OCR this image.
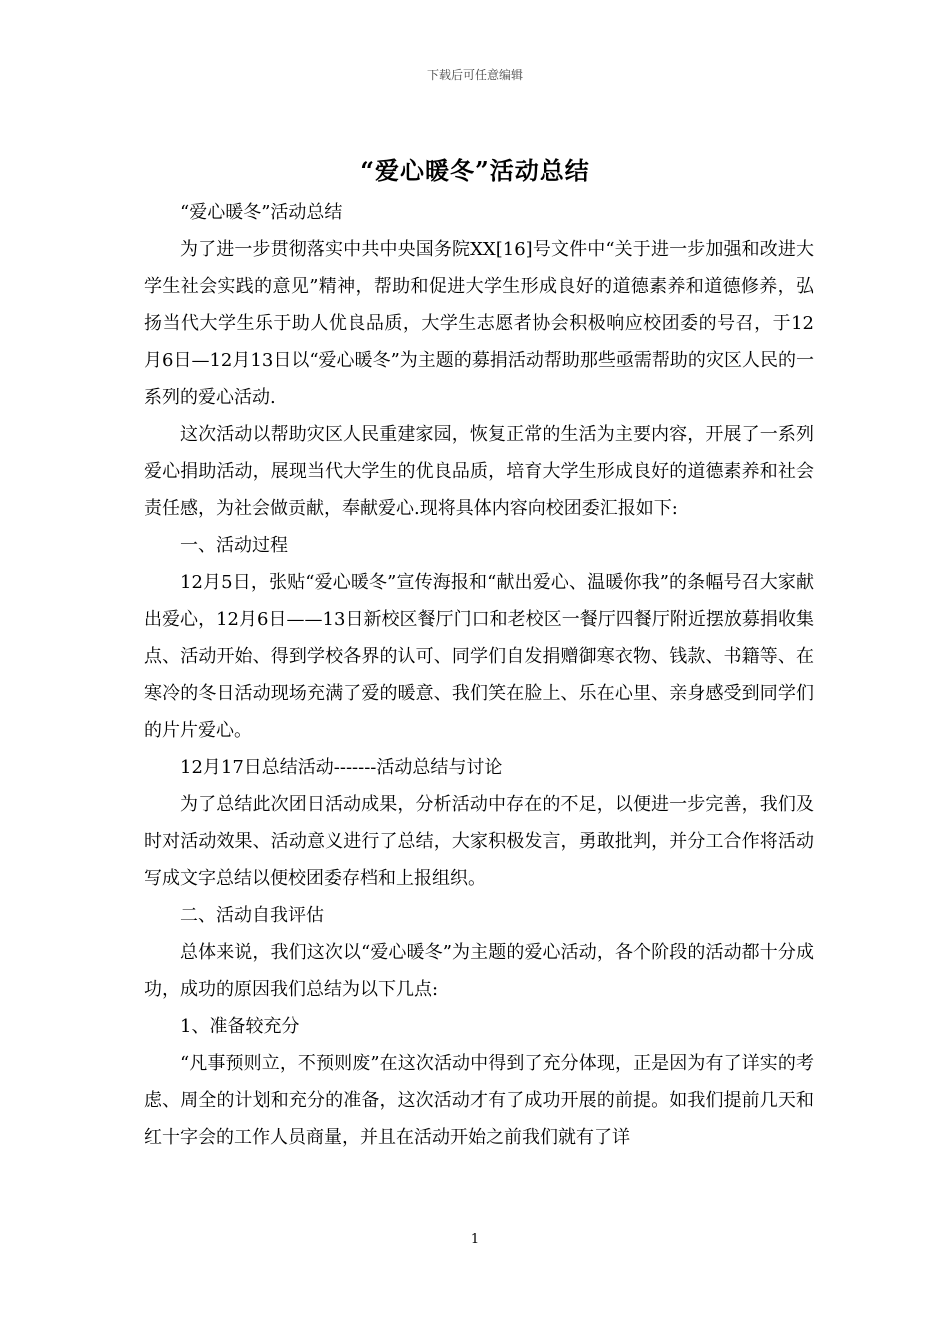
下载后可任意编辑
“爱心暖冬”活动总结

“爱心暖冬”活动总结

为了进一步贯彻落实中共中央国务院XX[16]号文件中“关于进一步加强和改进大学生社会实践的意见”精神，帮助和促进大学生形成良好的道德素养和道德修养，弘扬当代大学生乐于助人优良品质，大学生志愿者协会积极响应校团委的号召，于12月6日—12月13日以“爱心暖冬”为主题的募捐活动帮助那些亟需帮助的灾区人民的一系列的爱心活动.

这次活动以帮助灾区人民重建家园，恢复正常的生活为主要内容，开展了一系列爱心捐助活动，展现当代大学生的优良品质，培育大学生形成良好的道德素养和社会责任感，为社会做贡献，奉献爱心.现将具体内容向校团委汇报如下:

一、活动过程

12月5日，张贴“爱心暖冬”宣传海报和“献出爱心、温暖你我”的条幅号召大家献出爱心，12月6日——13日新校区餐厅门口和老校区一餐厅四餐厅附近摆放募捐收集点、活动开始、得到学校各界的认可、同学们自发捐赠御寒衣物、钱款、书籍等、在寒冷的冬日活动现场充满了爱的暖意、我们笑在脸上、乐在心里、亲身感受到同学们的片片爱心。

12月17日总结活动-------活动总结与讨论

为了总结此次团日活动成果，分析活动中存在的不足，以便进一步完善，我们及时对活动效果、活动意义进行了总结，大家积极发言，勇敢批判，并分工合作将活动写成文字总结以便校团委存档和上报组织。

二、活动自我评估

总体来说，我们这次以“爱心暖冬”为主题的爱心活动，各个阶段的活动都十分成功，成功的原因我们总结为以下几点:

1、准备较充分

“凡事预则立，不预则废”在这次活动中得到了充分体现，正是因为有了详实的考虑、周全的计划和充分的准备，这次活动才有了成功开展的前提。如我们提前几天和红十字会的工作人员商量，并且在活动开始之前我们就有了详

1
